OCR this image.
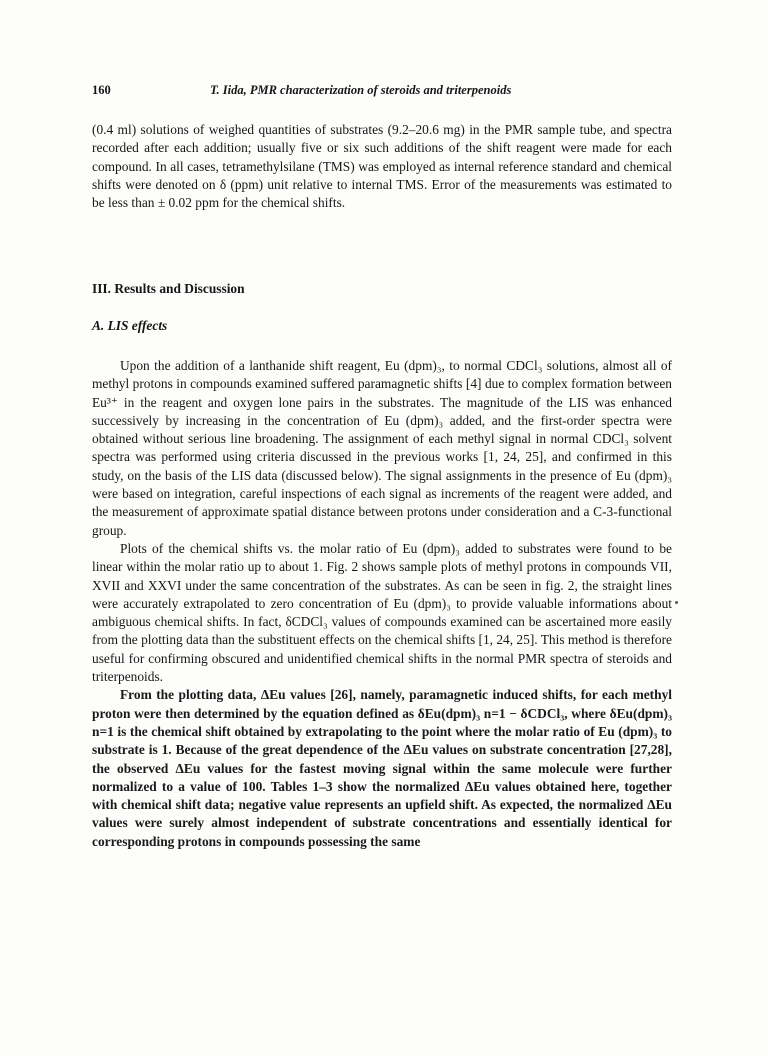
160	T. Iida, PMR characterization of steroids and triterpenoids

(0.4 ml) solutions of weighed quantities of substrates (9.2–20.6 mg) in the PMR sample tube, and spectra recorded after each addition; usually five or six such additions of the shift reagent were made for each compound. In all cases, tetramethylsilane (TMS) was employed as internal reference standard and chemical shifts were denoted on δ (ppm) unit relative to internal TMS. Error of the measurements was estimated to be less than ± 0.02 ppm for the chemical shifts.

III. Results and Discussion
A. LIS effects

Upon the addition of a lanthanide shift reagent, Eu (dpm)₃, to normal CDCl₃ solutions, almost all of methyl protons in compounds examined suffered paramagnetic shifts [4] due to complex formation between Eu³⁺ in the reagent and oxygen lone pairs in the substrates. The magnitude of the LIS was enhanced successively by increasing in the concentration of Eu (dpm)₃ added, and the first-order spectra were obtained without serious line broadening. The assignment of each methyl signal in normal CDCl₃ solvent spectra was performed using criteria discussed in the previous works [1, 24, 25], and confirmed in this study, on the basis of the LIS data (discussed below). The signal assignments in the presence of Eu (dpm)₃ were based on integration, careful inspections of each signal as increments of the reagent were added, and the measurement of approximate spatial distance between protons under consideration and a C-3-functional group.

Plots of the chemical shifts vs. the molar ratio of Eu (dpm)₃ added to substrates were found to be linear within the molar ratio up to about 1. Fig. 2 shows sample plots of methyl protons in compounds VII, XVII and XXVI under the same concentration of the substrates. As can be seen in fig. 2, the straight lines were accurately extrapolated to zero concentration of Eu (dpm)₃ to provide valuable informations about ambiguous chemical shifts. In fact, δCDCl₃ values of compounds examined can be ascertained more easily from the plotting data than the substituent effects on the chemical shifts [1, 24, 25]. This method is therefore useful for confirming obscured and unidentified chemical shifts in the normal PMR spectra of steroids and triterpenoids.

From the plotting data, ΔEu values [26], namely, paramagnetic induced shifts, for each methyl proton were then determined by the equation defined as δEu(dpm)₃ n=1 − δCDCl₃, where δEu(dpm)₃ n=1 is the chemical shift obtained by extrapolating to the point where the molar ratio of Eu (dpm)₃ to substrate is 1. Because of the great dependence of the ΔEu values on substrate concentration [27,28], the observed ΔEu values for the fastest moving signal within the same molecule were further normalized to a value of 100. Tables 1–3 show the normalized ΔEu values obtained here, together with chemical shift data; negative value represents an upfield shift. As expected, the normalized ΔEu values were surely almost independent of substrate concentrations and essentially identical for corresponding protons in compounds possessing the same
